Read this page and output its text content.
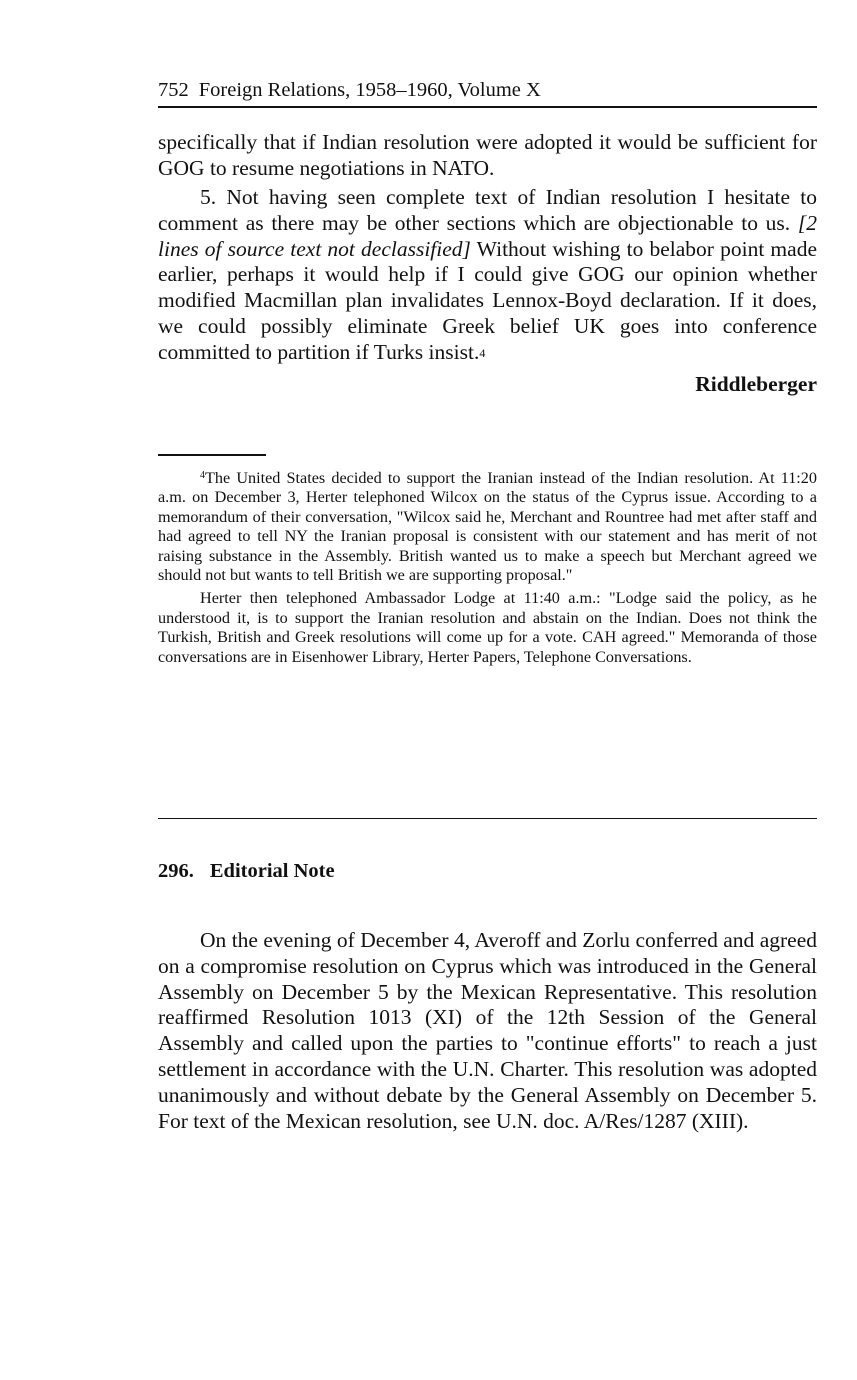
752 Foreign Relations, 1958–1960, Volume X

specifically that if Indian resolution were adopted it would be sufficient for GOG to resume negotiations in NATO.

5. Not having seen complete text of Indian resolution I hesitate to comment as there may be other sections which are objectionable to us. [2 lines of source text not declassified] Without wishing to belabor point made earlier, perhaps it would help if I could give GOG our opinion whether modified Macmillan plan invalidates Lennox-Boyd declaration. If it does, we could possibly eliminate Greek belief UK goes into conference committed to partition if Turks insist.$^4$

Riddleberger

$^4$The United States decided to support the Iranian instead of the Indian resolution. At 11:20 a.m. on December 3, Herter telephoned Wilcox on the status of the Cyprus issue. According to a memorandum of their conversation, "Wilcox said he, Merchant and Rountree had met after staff and had agreed to tell NY the Iranian proposal is consistent with our statement and has merit of not raising substance in the Assembly. British wanted us to make a speech but Merchant agreed we should not but wants to tell British we are supporting proposal."

Herter then telephoned Ambassador Lodge at 11:40 a.m.: "Lodge said the policy, as he understood it, is to support the Iranian resolution and abstain on the Indian. Does not think the Turkish, British and Greek resolutions will come up for a vote. CAH agreed." Memoranda of those conversations are in Eisenhower Library, Herter Papers, Telephone Conversations.

296. Editorial Note

On the evening of December 4, Averoff and Zorlu conferred and agreed on a compromise resolution on Cyprus which was introduced in the General Assembly on December 5 by the Mexican Representative. This resolution reaffirmed Resolution 1013 (XI) of the 12th Session of the General Assembly and called upon the parties to "continue efforts" to reach a just settlement in accordance with the U.N. Charter. This resolution was adopted unanimously and without debate by the General Assembly on December 5. For text of the Mexican resolution, see U.N. doc. A/Res/1287 (XIII).
